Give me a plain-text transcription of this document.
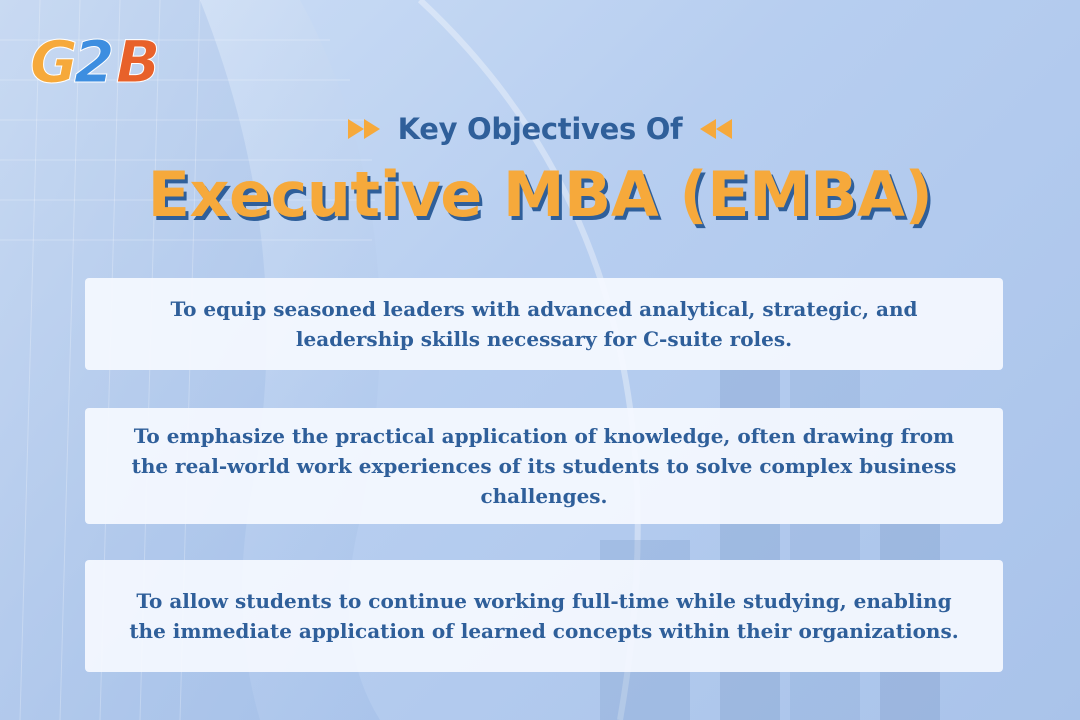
G
2 B
Key Objectives Of
Executive MBA (EMBA)

To equip seasoned leaders with advanced analytical, strategic, and leadership skills necessary for C-suite roles.

To emphasize the practical application of knowledge, often drawing from the real-world work experiences of its students to solve complex business challenges.

To allow students to continue working full-time while studying, enabling the immediate application of learned concepts within their organizations.
